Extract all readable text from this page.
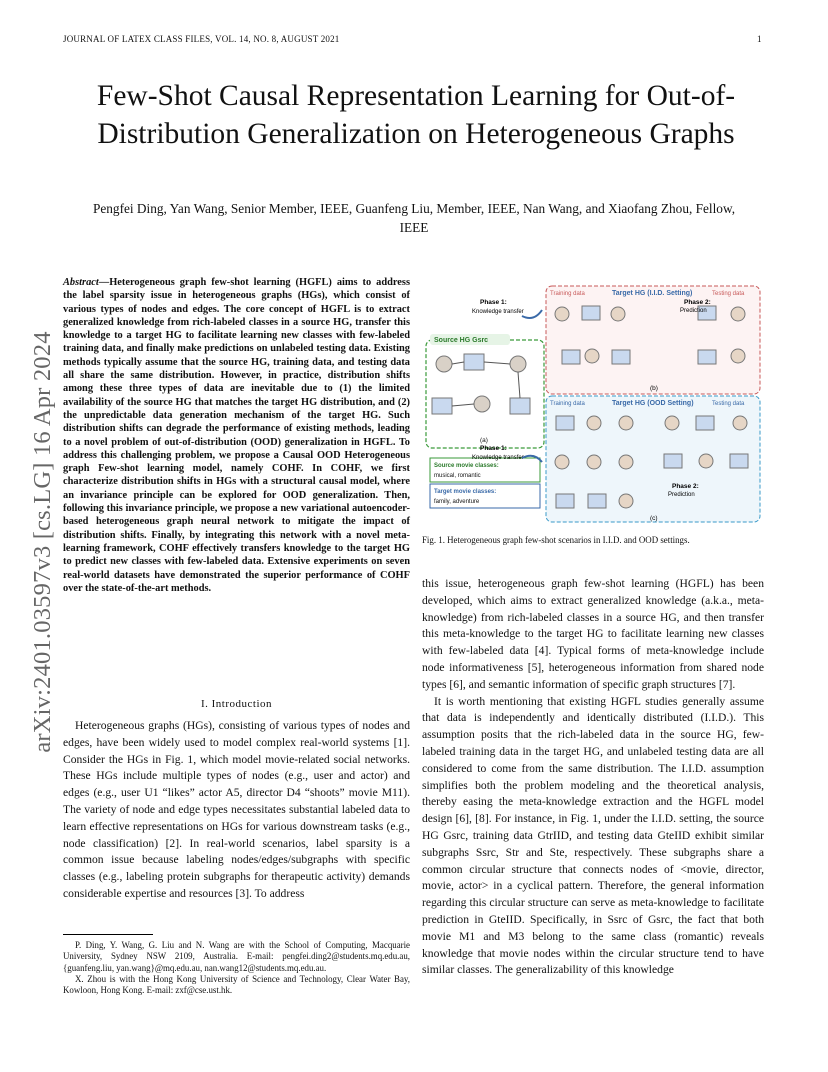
JOURNAL OF LATEX CLASS FILES, VOL. 14, NO. 8, AUGUST 2021	1
arXiv:2401.03597v3 [cs.LG] 16 Apr 2024
Few-Shot Causal Representation Learning for Out-of-Distribution Generalization on Heterogeneous Graphs
Pengfei Ding, Yan Wang, Senior Member, IEEE, Guanfeng Liu, Member, IEEE, Nan Wang, and Xiaofang Zhou, Fellow, IEEE
Abstract—Heterogeneous graph few-shot learning (HGFL) aims to address the label sparsity issue in heterogeneous graphs (HGs), which consist of various types of nodes and edges. The core concept of HGFL is to extract generalized knowledge from rich-labeled classes in a source HG, transfer this knowledge to a target HG to facilitate learning new classes with few-labeled training data, and finally make predictions on unlabeled testing data. Existing methods typically assume that the source HG, training data, and testing data all share the same distribution. However, in practice, distribution shifts among these three types of data are inevitable due to (1) the limited availability of the source HG that matches the target HG distribution, and (2) the unpredictable data generation mechanism of the target HG. Such distribution shifts can degrade the performance of existing methods, leading to a novel problem of out-of-distribution (OOD) generalization in HGFL. To address this challenging problem, we propose a Causal OOD Heterogeneous graph Few-shot learning model, namely COHF. In COHF, we first characterize distribution shifts in HGs with a structural causal model, where an invariance principle can be explored for OOD generalization. Then, following this invariance principle, we propose a new variational autoencoder-based heterogeneous graph neural network to mitigate the impact of distribution shifts. Finally, by integrating this network with a novel meta-learning framework, COHF effectively transfers knowledge to the target HG to predict new classes with few-labeled data. Extensive experiments on seven real-world datasets have demonstrated the superior performance of COHF over the state-of-the-art methods.
I. Introduction
Heterogeneous graphs (HGs), consisting of various types of nodes and edges, have been widely used to model complex real-world systems [1]. Consider the HGs in Fig. 1, which model movie-related social networks. These HGs include multiple types of nodes (e.g., user and actor) and edges (e.g., user U1 “likes” actor A5, director D4 “shoots” movie M11). The variety of node and edge types necessitates substantial labeled data to learn effective representations on HGs for various downstream tasks (e.g., node classification) [2]. In real-world scenarios, label sparsity is a common issue because labeling nodes/edges/subgraphs with specific classes (e.g., labeling protein subgraphs for therapeutic activity) demands considerable expertise and resources [3]. To address

P. Ding, Y. Wang, G. Liu and N. Wang are with the School of Computing, Macquarie University, Sydney NSW 2109, Australia. E-mail: pengfei.ding2@students.mq.edu.au, {guanfeng.liu, yan.wang}@mq.edu.au, nan.wang12@students.mq.edu.au.

X. Zhou is with the Hong Kong University of Science and Technology, Clear Water Bay, Kowloon, Hong Kong. E-mail: zxf@cse.ust.hk.

Source HG Gsrc
(a)
Source movie classes:
musical, romantic
Target movie classes:
family, adventure
Phase 1:
Knowledge transfer
Phase 1:
Knowledge transfer
Training data	Target HG (I.I.D. Setting)	Testing data
Phase 2:
Prediction
(b)
Training data	Target HG (OOD Setting)	Testing data
Phase 2:
Prediction
(c)
Fig. 1. Heterogeneous graph few-shot scenarios in I.I.D. and OOD settings.

this issue, heterogeneous graph few-shot learning (HGFL) has been developed, which aims to extract generalized knowledge (a.k.a., meta-knowledge) from rich-labeled classes in a source HG, and then transfer this meta-knowledge to the target HG to facilitate learning new classes with few-labeled data [4]. Typical forms of meta-knowledge include node informativeness [5], heterogeneous information from shared node types [6], and semantic information of specific graph structures [7].

It is worth mentioning that existing HGFL studies generally assume that data is independently and identically distributed (I.I.D.). This assumption posits that the rich-labeled data in the source HG, few-labeled training data in the target HG, and unlabeled testing data are all considered to come from the same distribution. The I.I.D. assumption simplifies both the problem modeling and the theoretical analysis, thereby easing the meta-knowledge extraction and the HGFL model design [6], [8]. For instance, in Fig. 1, under the I.I.D. setting, the source HG Gsrc, training data GtrIID, and testing data GteIID exhibit similar subgraphs Ssrc, Str and Ste, respectively. These subgraphs share a common circular structure that connects nodes of <movie, director, movie, actor> in a cyclical pattern. Therefore, the general information regarding this circular structure can serve as meta-knowledge to facilitate prediction in GteIID. Specifically, in Ssrc of Gsrc, the fact that both movie M1 and M3 belong to the same class (romantic) reveals knowledge that movie nodes within the circular structure tend to have similar classes. The generalizability of this knowledge
